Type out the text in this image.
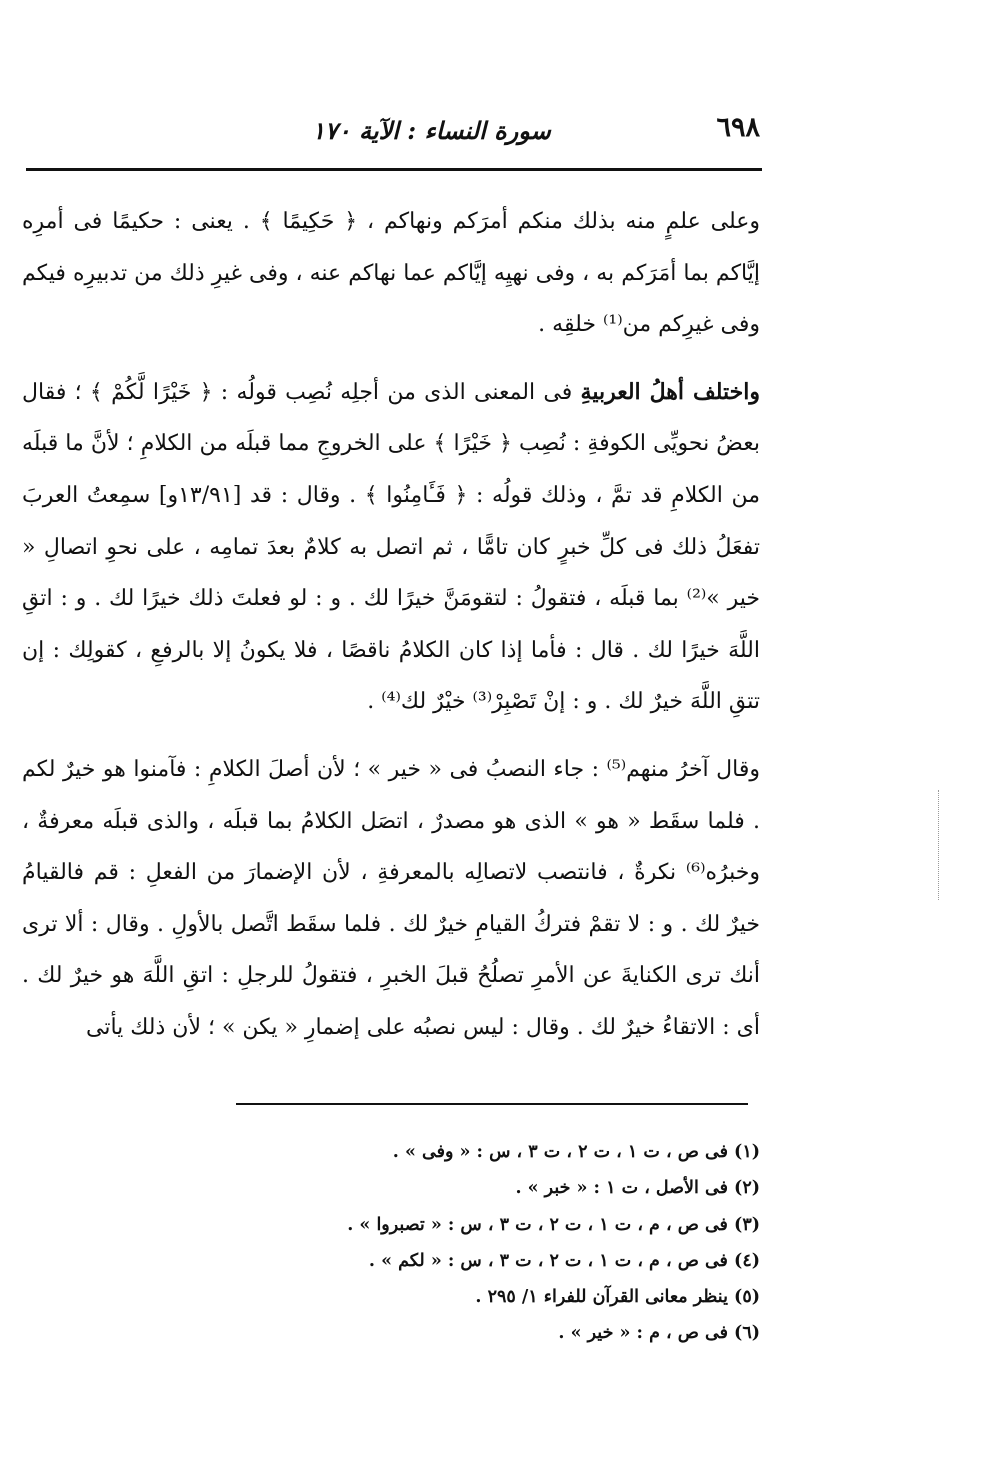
٦٩٨
سورة النساء : الآية ١٧٠

وعلى علمٍ منه بذلك منكم أمرَكم ونهاكم ، ﴿ حَكِيمًا ﴾ . يعنى : حكيمًا فى أمرِه إيَّاكم بما أمَرَكم به ، وفى نهيِه إيَّاكم عما نهاكم عنه ، وفى غيرِ ذلك من تدبيرِه فيكم وفى غيرِكم من⁽¹⁾ خلقِه .

واختلف أهلُ العربيةِ فى المعنى الذى من أجلِه نُصِب قولُه : ﴿ خَيْرًا لَّكُمْ ﴾ ؛ فقال بعضُ نحويِّى الكوفةِ : نُصِب ﴿ خَيْرًا ﴾ على الخروجِ مما قبلَه من الكلامِ ؛ لأنَّ ما قبلَه من الكلامِ قد تمَّ ، وذلك قولُه : ﴿ فَـَٔامِنُوا ﴾ . وقال : قد [١٣/٩١و] سمِعتُ العربَ تفعَلُ ذلك فى كلِّ خبرٍ كان تامًّا ، ثم اتصل به كلامٌ بعدَ تمامِه ، على نحوِ اتصالِ « خير »⁽²⁾ بما قبلَه ، فتقولُ : لتقومَنَّ خيرًا لك . و : لو فعلتَ ذلك خيرًا لك . و : اتقِ اللَّهَ خيرًا لك . قال : فأما إذا كان الكلامُ ناقصًا ، فلا يكونُ إلا بالرفعِ ، كقولِك : إن تتقِ اللَّهَ خيرٌ لك . و : إنْ تَصْبِرْ⁽³⁾ خيْرٌ لك⁽⁴⁾ .

وقال آخرُ منهم⁽⁵⁾ : جاء النصبُ فى « خير » ؛ لأن أصلَ الكلامِ : فآمنوا هو خيرٌ لكم . فلما سقَط « هو » الذى هو مصدرٌ ، اتصَل الكلامُ بما قبلَه ، والذى قبلَه معرفةٌ ، وخبرُه⁽⁶⁾ نكرةٌ ، فانتصب لاتصالِه بالمعرفةِ ، لأن الإضمارَ من الفعلِ : قم فالقيامُ خيرٌ لك . و : لا تقمْ فتركُ القيامِ خيرٌ لك . فلما سقَط اتَّصل بالأولِ . وقال : ألا ترى أنك ترى الكنايةَ عن الأمرِ تصلُحُ قبلَ الخبرِ ، فتقولُ للرجلِ : اتقِ اللَّهَ هو خيرٌ لك . أى : الاتقاءُ خيرٌ لك . وقال : ليس نصبُه على إضمارِ « يكن » ؛ لأن ذلك يأتى

(١) فى ص ، ت ١ ، ت ٢ ، ت ٣ ، س : « وفى » .
(٢) فى الأصل ، ت ١ : « خبر » .
(٣) فى ص ، م ، ت ١ ، ت ٢ ، ت ٣ ، س : « تصبروا » .
(٤) فى ص ، م ، ت ١ ، ت ٢ ، ت ٣ ، س : « لكم » .
(٥) ينظر معانى القرآن للفراء ١/ ٢٩٥ .
(٦) فى ص ، م : « خير » .
